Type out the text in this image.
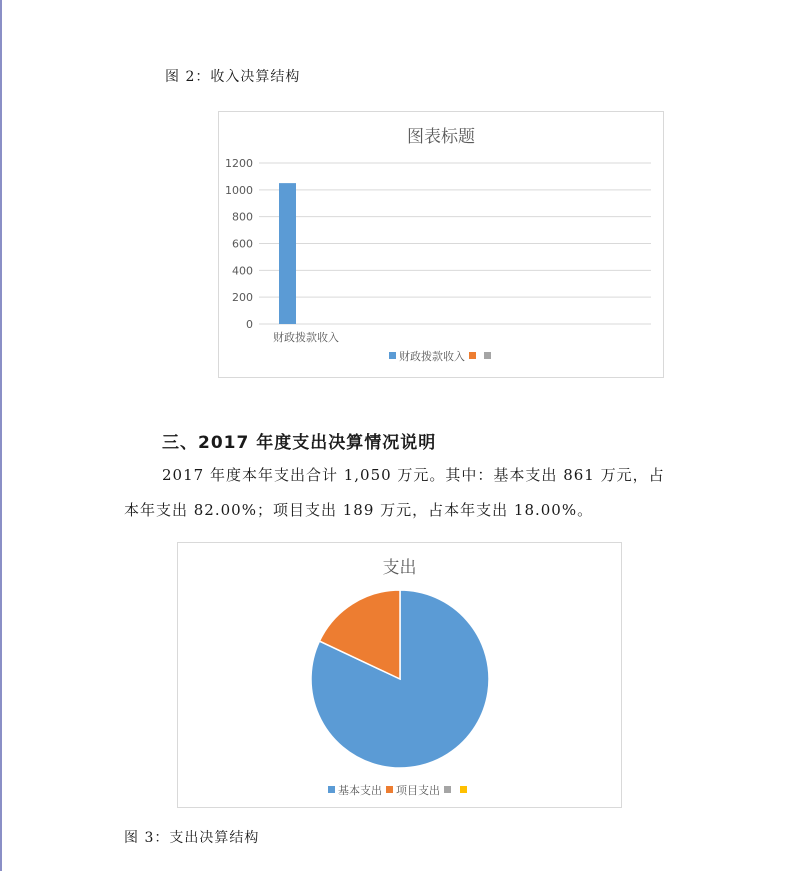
图 2：收入决算结构
图表标题
0
200
400
600
800
1000
1200
财政拨款收入
财政拨款收入
三、2017 年度支出决算情况说明
2017 年度本年支出合计 1,050 万元。其中：基本支出 861 万元，占
本年支出 82.00%；项目支出 189 万元，占本年支出 18.00%。
支出
基本支出 项目支出
图 3：支出决算结构
